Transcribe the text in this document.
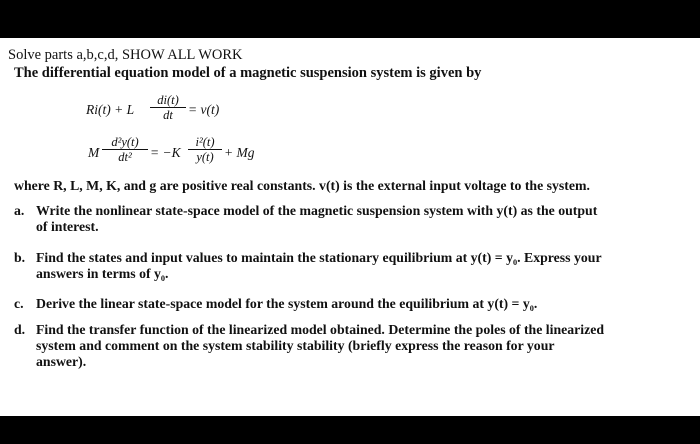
Solve parts a,b,c,d, SHOW ALL WORK
The differential equation model of a magnetic suspension system is given by
Ri(t) + L
di(t)
dt	= v(t)
M
d²y(t)
dt²	= −K
i²(t)
y(t) + Mg
where R, L, M, K, and g are positive real constants. v(t) is the external input voltage to the system.
a. Write the nonlinear state-space model of the magnetic suspension system with y(t) as the output
of interest.
b. Find the states and input values to maintain the stationary equilibrium at y(t) = y₀. Express your
answers in terms of y₀.
c. Derive the linear state-space model for the system around the equilibrium at y(t) = y₀.
d. Find the transfer function of the linearized model obtained. Determine the poles of the linearized
system and comment on the system stability stability (briefly express the reason for your
answer).
